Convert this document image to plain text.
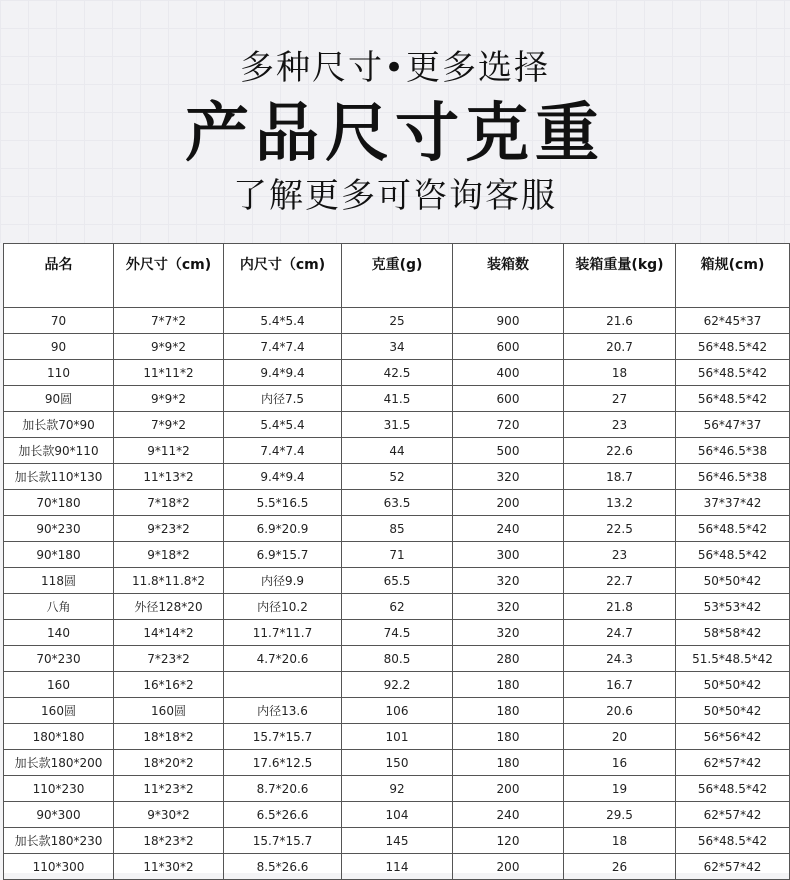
多种尺寸•更多选择
产品尺寸克重
了解更多可咨询客服
品名	外尺寸（cm)	内尺寸（cm)	克重(g)	装箱数	装箱重量(kg)	箱规(cm)
70	7*7*2	5.4*5.4	25	900	21.6	62*45*37
90	9*9*2	7.4*7.4	34	600	20.7	56*48.5*42
110	11*11*2	9.4*9.4	42.5	400	18	56*48.5*42
90圆	9*9*2	内径7.5	41.5	600	27	56*48.5*42
加长款70*90	7*9*2	5.4*5.4	31.5	720	23	56*47*37
加长款90*110	9*11*2	7.4*7.4	44	500	22.6	56*46.5*38
加长款110*130	11*13*2	9.4*9.4	52	320	18.7	56*46.5*38
70*180	7*18*2	5.5*16.5	63.5	200	13.2	37*37*42
90*230	9*23*2	6.9*20.9	85	240	22.5	56*48.5*42
90*180	9*18*2	6.9*15.7	71	300	23	56*48.5*42
118圆	11.8*11.8*2	内径9.9	65.5	320	22.7	50*50*42
八角	外径128*20	内径10.2	62	320	21.8	53*53*42
140	14*14*2	11.7*11.7	74.5	320	24.7	58*58*42
70*230	7*23*2	4.7*20.6	80.5	280	24.3	51.5*48.5*42
160	16*16*2		92.2	180	16.7	50*50*42
160圆	160圆	内径13.6	106	180	20.6	50*50*42
180*180	18*18*2	15.7*15.7	101	180	20	56*56*42
加长款180*200	18*20*2	17.6*12.5	150	180	16	62*57*42
110*230	11*23*2	8.7*20.6	92	200	19	56*48.5*42
90*300	9*30*2	6.5*26.6	104	240	29.5	62*57*42
加长款180*230	18*23*2	15.7*15.7	145	120	18	56*48.5*42
110*300	11*30*2	8.5*26.6	114	200	26	62*57*42
